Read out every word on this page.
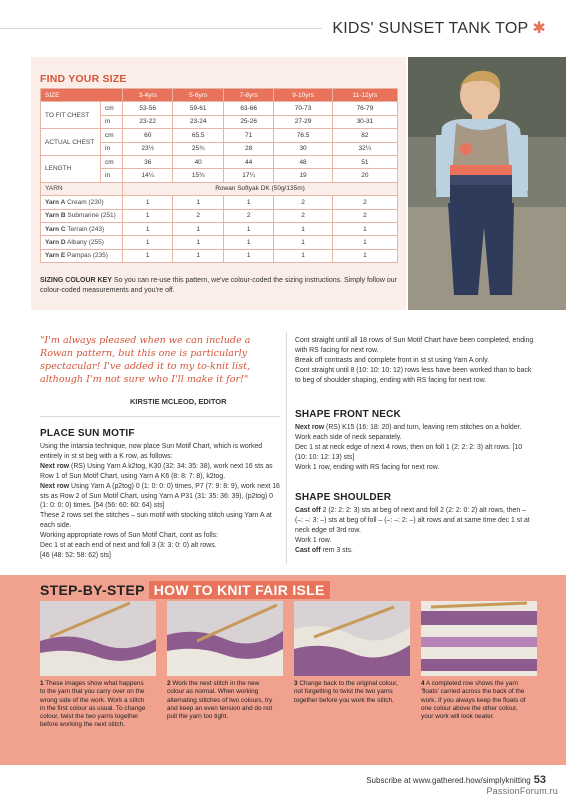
KIDS' SUNSET TANK TOP ✱
FIND YOUR SIZE
SIZE		3-4yrs	5-6yrs	7-8yrs	9-10yrs	11-12yrs
TO FIT CHEST	cm	53-56	59-61	63-66	70-73	76-79
	in	23-22	23-24	25-26	27-29	30-31
ACTUAL CHEST	cm	60	65.5	71	76.5	82
	in	23½	25¾	28	30	32¼
LENGTH	cm	36	40	44	48	51
	in	14¼	15¾	17¼	19	20
YARN		Rowan Softyak DK (50g/135m)				
Yarn A Cream (230)		1	1	1	2	2
Yarn B Submarine (251)		1	2	2	2	2
Yarn C Terrain (243)		1	1	1	1	1
Yarn D Albany (255)		1	1	1	1	1
Yarn E Pampas (235)		1	1	1	1	1
SIZING COLOUR KEY So you can re-use this pattern, we've colour-coded the sizing instructions. Simply follow our colour-coded measurements and you're off.
"I'm always pleased when we can include a Rowan pattern, but this one is particularly spectacular! I've added it to my to-knit list, although I'm not sure who I'll make it for!"
KIRSTIE MCLEOD, EDITOR
PLACE SUN MOTIF

Using the intarsia technique, now place Sun Motif Chart, which is worked entirely in st st beg with a K row, as follows:

Next row (RS) Using Yarn A k2tog, K30 (32: 34: 35: 38), work next 16 sts as Row 1 of Sun Motif Chart, using Yarn A K6 (8: 8: 7: 8), k2tog.

Next row Using Yarn A (p2tog) 0 (1: 0: 0: 0) times, P7 (7: 9: 8: 9), work next 16 sts as Row 2 of Sun Motif Chart, using Yarn A P31 (31: 35: 36: 39), (p2tog) 0 (1: 0: 0: 0) times. [54 (56: 60: 60: 64) sts]

These 2 rows set the stitches – sun motif with stocking stitch using Yarn A at each side.

Working appropriate rows of Sun Motif Chart, cont as folls:

Dec 1 st at each end of next and foll 3 (3: 3: 0: 0) alt rows.

[46 (48: 52: 58: 62) sts]

Cont straight until all 18 rows of Sun Motif Chart have been completed, ending with RS facing for next row.

Break off contrasts and complete front in st st using Yarn A only.

Cont straight until 8 (10: 10: 10: 12) rows less have been worked than to back to beg of shoulder shaping, ending with RS facing for next row.

SHAPE FRONT NECK

Next row (RS) K15 (16: 18: 20) and turn, leaving rem stitches on a holder.

Work each side of neck separately.

Dec 1 st at neck edge of next 4 rows, then on foll 1 (2: 2: 2: 3) alt rows. [10 (10: 10: 12: 13) sts]

Work 1 row, ending with RS facing for next row.

SHAPE SHOULDER

Cast off 2 (2: 2: 2: 3) sts at beg of next and foll 2 (2: 2: 0: 2) alt rows, then – (–: –: 3: –) sts at beg of foll – (–: –: 2: –) alt rows and at same time dec 1 st at neck edge of 3rd row.

Work 1 row.

Cast off rem 3 sts.

STEP-BY-STEP HOW TO KNIT FAIR ISLE
1 These images show what happens to the yarn that you carry over on the wrong side of the work. Work a stitch in the first colour as usual. To change colour, twist the two yarns together before working the next stitch.
2 Work the next stitch in the new colour as normal. When working alternating stitches of two colours, try and keep an even tension and do not pull the yarn too tight.
3 Change back to the original colour, not forgetting to twist the two yarns together before you work the stitch.
4 A completed row shows the yarn 'floats' carried across the back of the work. If you always keep the floats of one colour above the other colour, your work will look neater.
Subscribe at www.gathered.how/simplyknitting 53
PassionForum.ru
